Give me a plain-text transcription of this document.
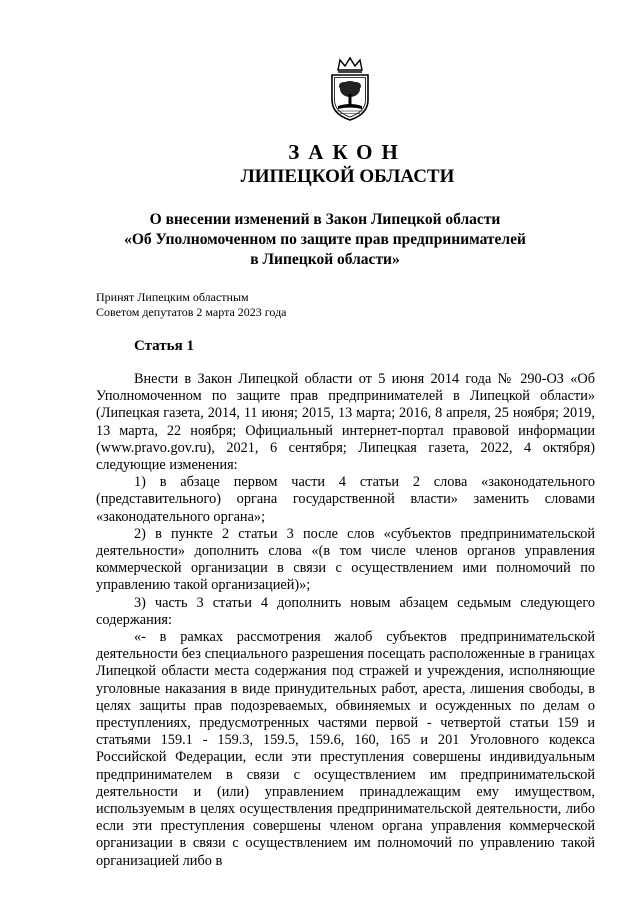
ЗАКОН
ЛИПЕЦКОЙ ОБЛАСТИ
О внесении изменений в Закон Липецкой области
«Об Уполномоченном по защите прав предпринимателей
в Липецкой области»
Принят Липецким областным
Советом депутатов 2 марта 2023 года
Статья 1

Внести в Закон Липецкой области от 5 июня 2014 года № 290-ОЗ «Об Уполномоченном по защите прав предпринимателей в Липецкой области» (Липецкая газета, 2014, 11 июня; 2015, 13 марта; 2016, 8 апреля, 25 ноября; 2019, 13 марта, 22 ноября; Официальный интернет-портал правовой информации (www.pravo.gov.ru), 2021, 6 сентября; Липецкая газета, 2022, 4 октября) следующие изменения:

1) в абзаце первом части 4 статьи 2 слова «законодательного (представительного) органа государственной власти» заменить словами «законодательного органа»;

2) в пункте 2 статьи 3 после слов «субъектов предпринимательской деятельности» дополнить слова «(в том числе членов органов управления коммерческой организации в связи с осуществлением ими полномочий по управлению такой организацией)»;

3) часть 3 статьи 4 дополнить новым абзацем седьмым следующего содержания:

«- в рамках рассмотрения жалоб субъектов предпринимательской деятельности без специального разрешения посещать расположенные в границах Липецкой области места содержания под стражей и учреждения, исполняющие уголовные наказания в виде принудительных работ, ареста, лишения свободы, в целях защиты прав подозреваемых, обвиняемых и осужденных по делам о преступлениях, предусмотренных частями первой - четвертой статьи 159 и статьями 159.1 - 159.3, 159.5, 159.6, 160, 165 и 201 Уголовного кодекса Российской Федерации, если эти преступления совершены индивидуальным предпринимателем в связи с осуществлением им предпринимательской деятельности и (или) управлением принадлежащим ему имуществом, используемым в целях осуществления предпринимательской деятельности, либо если эти преступления совершены членом органа управления коммерческой организации в связи с осуществлением им полномочий по управлению такой организацией либо в
